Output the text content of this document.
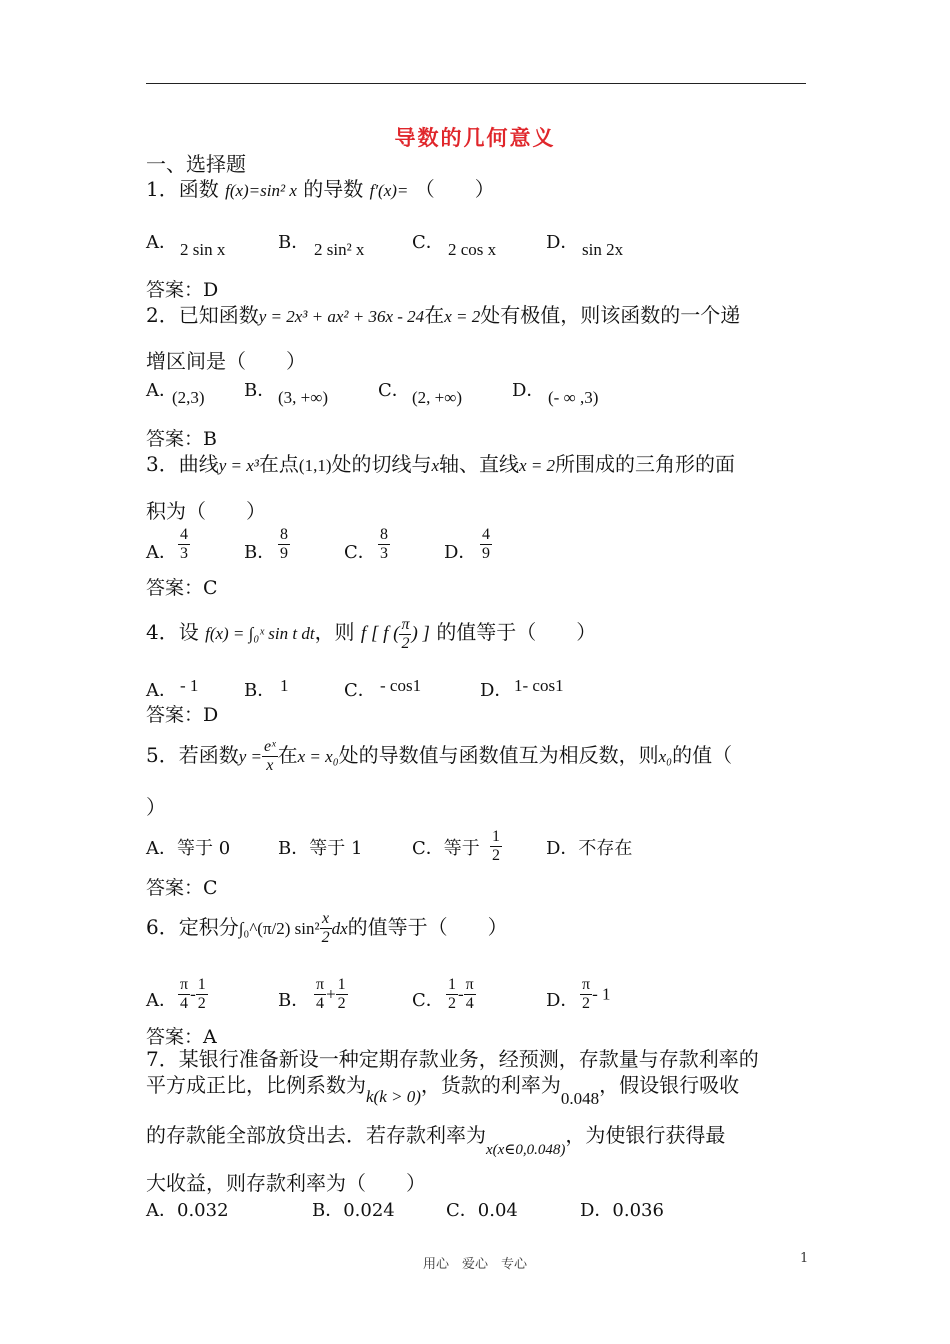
导数的几何意义
一、选择题
1．函数 f(x)=sin² x 的导数 f′(x)= （　　）
A． 2 sin x	B． 2 sin² x	C． 2 cos x	D． sin 2x
答案：D
2．已知函数y = 2x³ + ax² + 36x - 24在x = 2处有极值，则该函数的一个递
增区间是（　　）
A．
(2,3) B． (3, +∞)	C． (2, +∞)	D． (- ∞ ,3)
答案：B
3．曲线y = x³在点(1,1)处的切线与x轴、直线x = 2所围成的三角形的面
积为（　　）
A． $\frac{4}{3}$	B． $\frac{8}{9}$	C． $\frac{8}{3}$	D． $\frac{4}{9}$
答案：C
4．设 f(x) = ∫₀ˣ sin t dt，则 f [ f ( $\frac{\pi}{2}$ ) ] 的值等于（　　）
A． - 1	B． 1	C． - cos1	D． 1- cos1
答案：D
5．若函数$y = \frac{\text{eˣ}}{x}$ 在x = x₀处的导数值与函数值互为相反数，则x₀的值（
）
A．等于 0	B．等于 1	C．等于 $\frac{1}{2}$ D．不存在
答案：C
6．定积分∫₀^(π/2) $\sin^2 \frac{x}{2}$ dx的值等于（　　）
A． $\frac{\pi}{4} - \frac{1}{2}$	B． $\frac{\pi}{4} + \frac{1}{2}$	C． $\frac{1}{2} - \frac{\pi}{4}$	D． $\frac{\pi}{2} - 1$
答案：A
7．某银行准备新设一种定期存款业务，经预测，存款量与存款利率的
平方成正比，比例系数为$_{k(k > 0)}$，货款的利率为$_{0.048}$，假设银行吸收
的存款能全部放贷出去．若存款利率为$_{x(x\in 0,0.048)}$，为使银行获得最
大收益，则存款利率为（　　）
A．0.032	B．0.024	C．0.04	D．0.036
用心　爱心　专心	1
